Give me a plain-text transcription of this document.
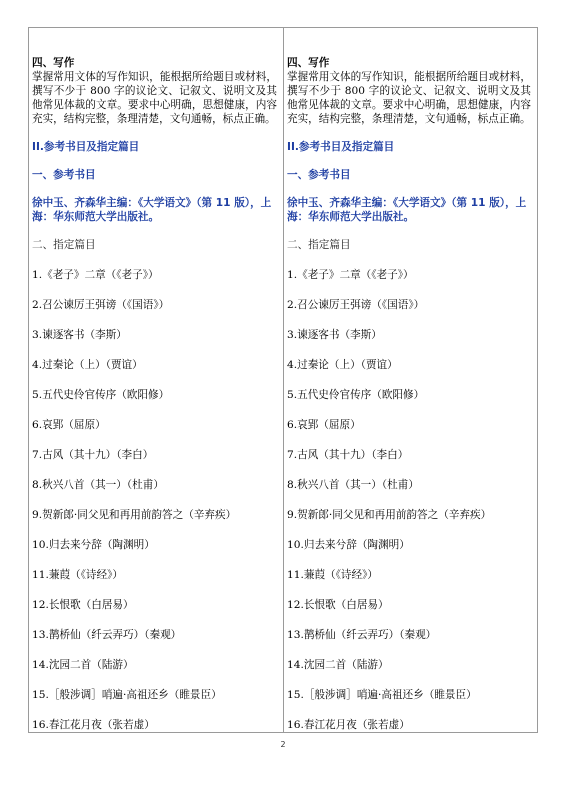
四、写作

掌握常用文体的写作知识，能根据所给题目或材料，撰写不少于 800 字的议论文、记叙文、说明文及其他常见体裁的文章。要求中心明确，思想健康，内容充实，结构完整，条理清楚，文句通畅，标点正确。

II.参考书目及指定篇目

一、参考书目

徐中玉、齐森华主编：《大学语文》（第 11 版），上海：华东师范大学出版社。

二、指定篇目

1.《老子》二章（《老子》）
2.召公谏厉王弭谤（《国语》）
3.谏逐客书（李斯）
4.过秦论（上）（贾谊）
5.五代史伶官传序（欧阳修）
6.哀郢（屈原）
7.古风（其十九）（李白）
8.秋兴八首（其一）（杜甫）
9.贺新郎·同父见和再用前韵答之（辛弃疾）
10.归去来兮辞（陶渊明）
11.蒹葭（《诗经》）
12.长恨歌（白居易）
13.鹊桥仙（纤云弄巧）（秦观）
14.沈园二首（陆游）
15.［般涉调］哨遍·高祖还乡（睢景臣）
16.春江花月夜（张若虚）

四、写作

掌握常用文体的写作知识，能根据所给题目或材料，撰写不少于 800 字的议论文、记叙文、说明文及其他常见体裁的文章。要求中心明确，思想健康，内容充实，结构完整，条理清楚，文句通畅，标点正确。

II.参考书目及指定篇目

一、参考书目

徐中玉、齐森华主编：《大学语文》（第 11 版），上海：华东师范大学出版社。

二、指定篇目

1.《老子》二章（《老子》）
2.召公谏厉王弭谤（《国语》）
3.谏逐客书（李斯）
4.过秦论（上）（贾谊）
5.五代史伶官传序（欧阳修）
6.哀郢（屈原）
7.古风（其十九）（李白）
8.秋兴八首（其一）（杜甫）
9.贺新郎·同父见和再用前韵答之（辛弃疾）
10.归去来兮辞（陶渊明）
11.蒹葭（《诗经》）
12.长恨歌（白居易）
13.鹊桥仙（纤云弄巧）（秦观）
14.沈园二首（陆游）
15.［般涉调］哨遍·高祖还乡（睢景臣）
16.春江花月夜（张若虚）
2
